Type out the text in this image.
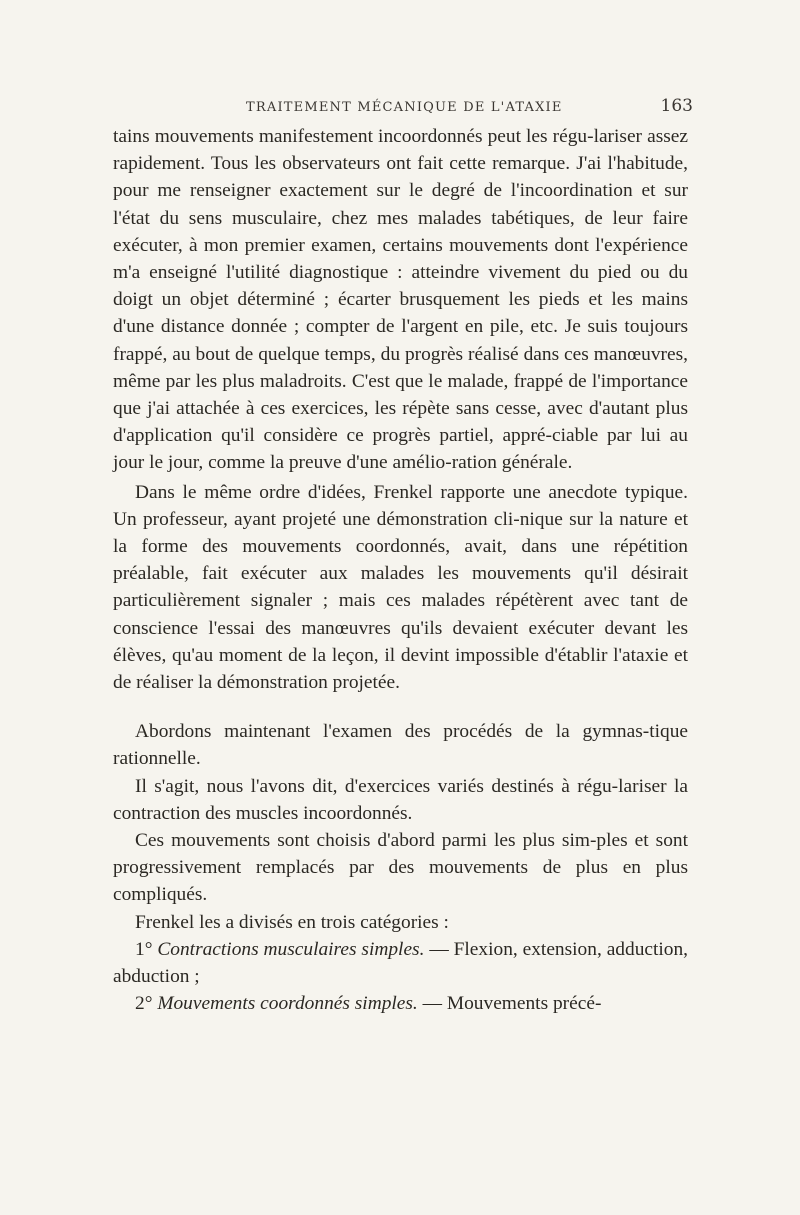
TRAITEMENT MÉCANIQUE DE L'ATAXIE	163

tains mouvements manifestement incoordonnés peut les régu-lariser assez rapidement. Tous les observateurs ont fait cette remarque. J'ai l'habitude, pour me renseigner exactement sur le degré de l'incoordination et sur l'état du sens musculaire, chez mes malades tabétiques, de leur faire exécuter, à mon premier examen, certains mouvements dont l'expérience m'a enseigné l'utilité diagnostique : atteindre vivement du pied ou du doigt un objet déterminé ; écarter brusquement les pieds et les mains d'une distance donnée ; compter de l'argent en pile, etc. Je suis toujours frappé, au bout de quelque temps, du progrès réalisé dans ces manœuvres, même par les plus maladroits. C'est que le malade, frappé de l'importance que j'ai attachée à ces exercices, les répète sans cesse, avec d'autant plus d'application qu'il considère ce progrès partiel, appré-ciable par lui au jour le jour, comme la preuve d'une amélio-ration générale.

Dans le même ordre d'idées, Frenkel rapporte une anecdote typique. Un professeur, ayant projeté une démonstration cli-nique sur la nature et la forme des mouvements coordonnés, avait, dans une répétition préalable, fait exécuter aux malades les mouvements qu'il désirait particulièrement signaler ; mais ces malades répétèrent avec tant de conscience l'essai des manœuvres qu'ils devaient exécuter devant les élèves, qu'au moment de la leçon, il devint impossible d'établir l'ataxie et de réaliser la démonstration projetée.

Abordons maintenant l'examen des procédés de la gymnas-tique rationnelle.

Il s'agit, nous l'avons dit, d'exercices variés destinés à régu-lariser la contraction des muscles incoordonnés.

Ces mouvements sont choisis d'abord parmi les plus sim-ples et sont progressivement remplacés par des mouvements de plus en plus compliqués.

Frenkel les a divisés en trois catégories :

1° Contractions musculaires simples. — Flexion, extension, adduction, abduction ;

2° Mouvements coordonnés simples. — Mouvements précé-
